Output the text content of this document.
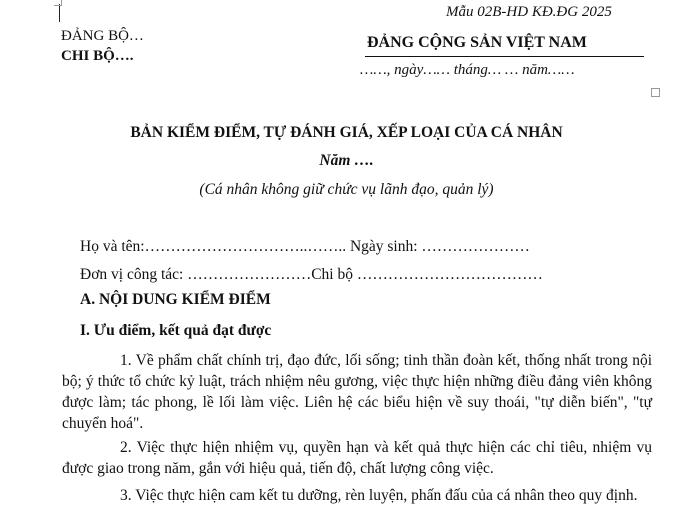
Mẫu 02B-HD KĐ.ĐG 2025
ĐẢNG BỘ…
CHI BỘ….
ĐẢNG CỘNG SẢN VIỆT NAM
……, ngày…… tháng… … năm……
BẢN KIỂM ĐIỂM, TỰ ĐÁNH GIÁ, XẾP LOẠI CỦA CÁ NHÂN
Năm ….
(Cá nhân không giữ chức vụ lãnh đạo, quản lý)
Họ và tên:…………………………..…….. Ngày sinh: …………………
Đơn vị công tác: ……………………Chi bộ ………………………………
A. NỘI DUNG KIỂM ĐIỂM
I. Ưu điểm, kết quả đạt được
1. Về phẩm chất chính trị, đạo đức, lối sống; tinh thần đoàn kết, thống nhất trong nội bộ; ý thức tổ chức kỷ luật, trách nhiệm nêu gương, việc thực hiện những điều đảng viên không được làm; tác phong, lề lối làm việc. Liên hệ các biểu hiện về suy thoái, "tự diễn biến", "tự chuyển hoá".
2. Việc thực hiện nhiệm vụ, quyền hạn và kết quả thực hiện các chỉ tiêu, nhiệm vụ được giao trong năm, gắn với hiệu quả, tiến độ, chất lượng công việc.
3. Việc thực hiện cam kết tu dưỡng, rèn luyện, phấn đấu của cá nhân theo quy định.
